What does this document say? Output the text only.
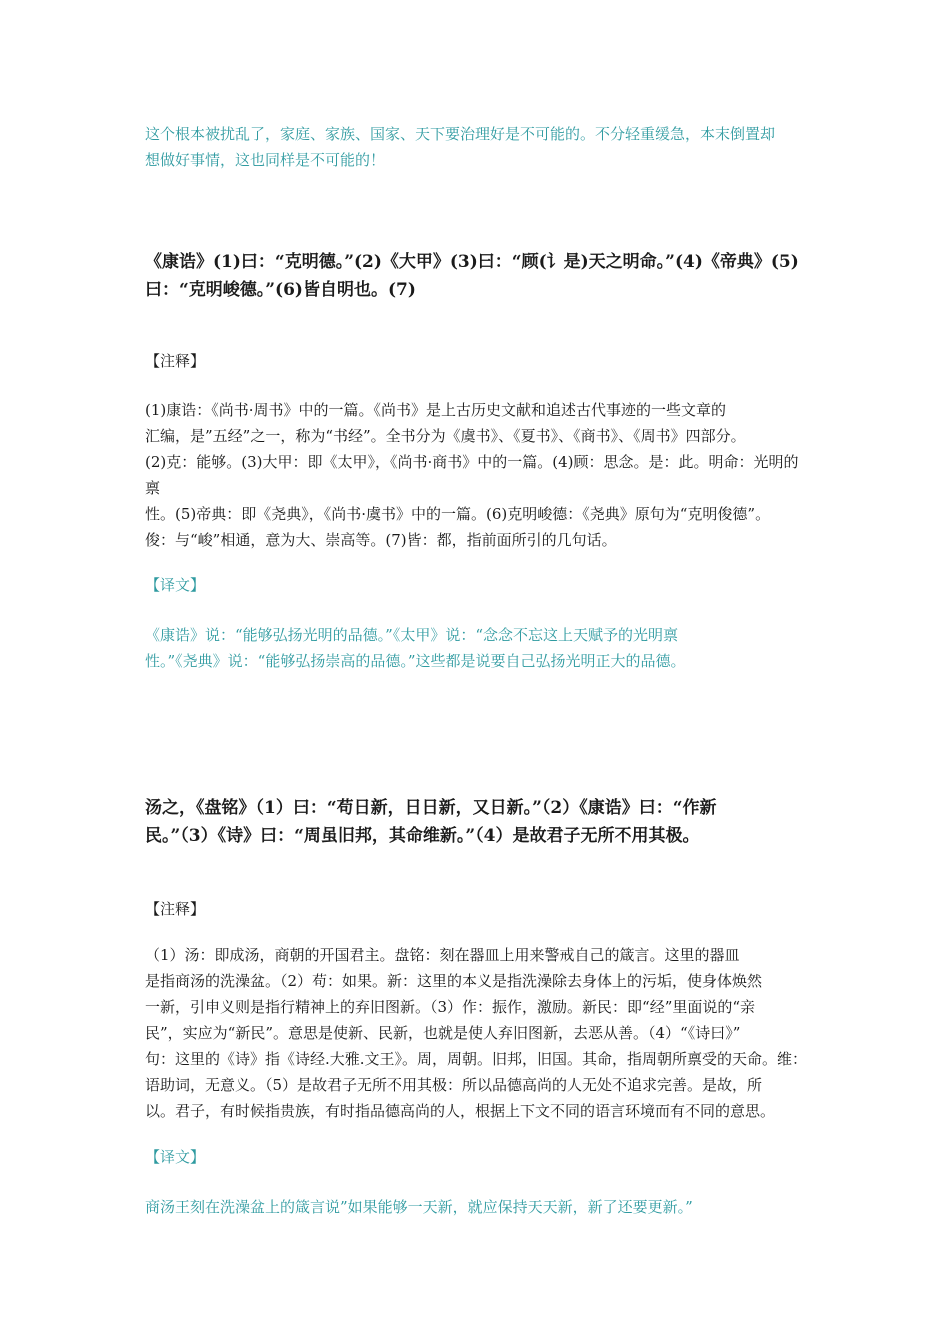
这个根本被扰乱了，家庭、家族、国家、天下要治理好是不可能的。不分轻重缓急，本末倒置却
想做好事情，这也同样是不可能的！

《康诰》(1)曰：“克明德。”(2)《大甲》(3)曰：“顾(讠是)天之明命。”(4)《帝典》(5)
曰：“克明峻德。”(6)皆自明也。(7)

【注释】

(1)康诰：《尚书·周书》中的一篇。《尚书》是上古历史文献和追述古代事迹的一些文章的
汇编，是”五经”之一，称为“书经”。全书分为《虞书》、《夏书》、《商书》、《周书》四部分。
(2)克：能够。(3)大甲：即《太甲》，《尚书·商书》中的一篇。(4)顾：思念。是：此。明命：光明的禀
性。(5)帝典：即《尧典》，《尚书·虞书》中的一篇。(6)克明峻德：《尧典》原句为“克明俊德”。
俊：与“峻”相通，意为大、崇高等。(7)皆：都，指前面所引的几句话。

【译文】

《康诰》说：“能够弘扬光明的品德。”《太甲》说：“念念不忘这上天赋予的光明禀
性。”《尧典》说：“能够弘扬崇高的品德。”这些都是说要自己弘扬光明正大的品德。

汤之，《盘铭》（1）曰：“苟日新，日日新，又日新。”（2）《康诰》曰：“作新
民。”（3）《诗》曰：“周虽旧邦，其命维新。”（4）是故君子无所不用其极。

【注释】

（1）汤：即成汤，商朝的开国君主。盘铭：刻在器皿上用来警戒自己的箴言。这里的器皿
是指商汤的洗澡盆。（2）苟：如果。新：这里的本义是指洗澡除去身体上的污垢，使身体焕然
一新，引申义则是指行精神上的弃旧图新。（3）作：振作，激励。新民：即“经”里面说的“亲
民”，实应为“新民”。意思是使新、民新，也就是使人弃旧图新，去恶从善。（4）“《诗曰》”
句：这里的《诗》指《诗经.大雅.文王》。周，周朝。旧邦，旧国。其命，指周朝所禀受的天命。维：
语助词，无意义。（5）是故君子无所不用其极：所以品德高尚的人无处不追求完善。是故，所
以。君子，有时候指贵族，有时指品德高尚的人，根据上下文不同的语言环境而有不同的意思。

【译文】

商汤王刻在洗澡盆上的箴言说”如果能够一天新，就应保持天天新，新了还要更新。”
